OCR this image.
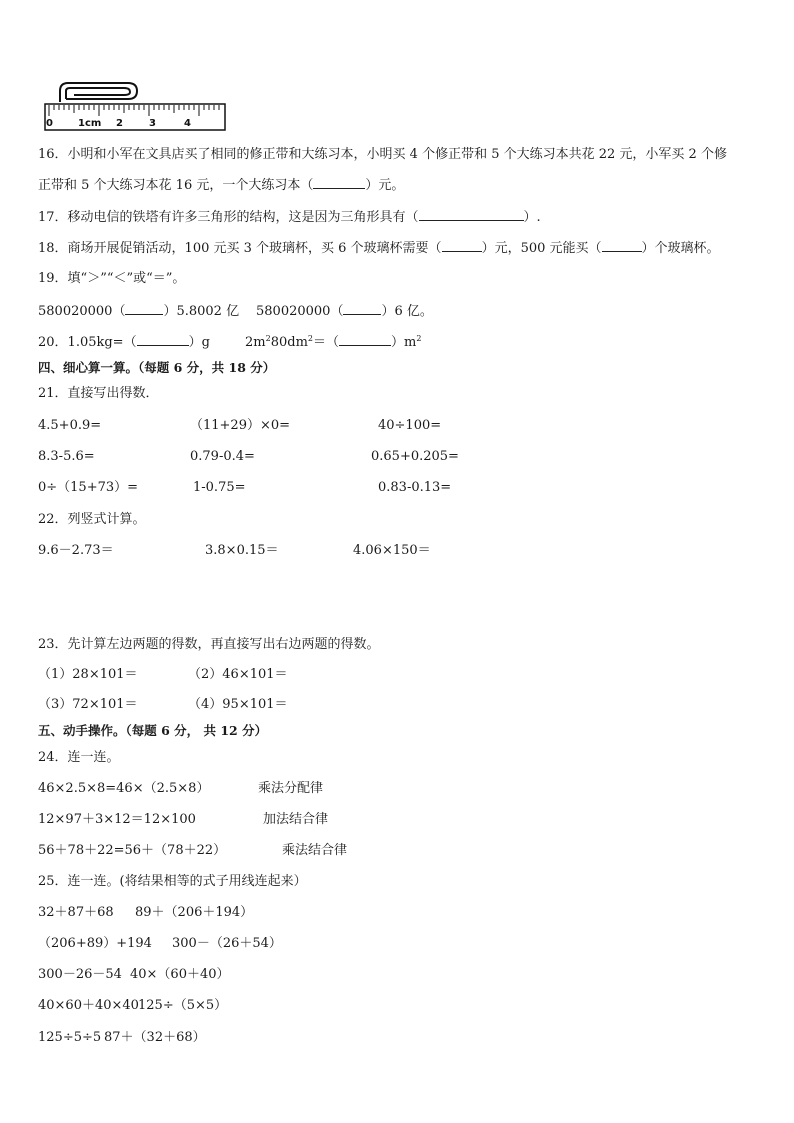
0	1cm 2	3	4
16．小明和小军在文具店买了相同的修正带和大练习本，小明买 4 个修正带和 5 个大练习本共花 22 元，小军买 2 个修
正带和 5 个大练习本花 16 元，一个大练习本（	）元。
17．移动电信的铁塔有许多三角形的结构，这是因为三角形具有（	）.
18．商场开展促销活动，100 元买 3 个玻璃杯，买 6 个玻璃杯需要（	）元，500 元能买（	）个玻璃杯。
19．填“＞”“＜”或“＝”。
580020000（	）5.8002 亿 580020000（	）6 亿。
20．1.05kg=（	）g	$2m^280dm^2=$（	）$m^2$
四、细心算一算。（每题 6 分，共 18 分）
21．直接写出得数．
4.5+0.9=	（11+29）×0=	40÷100=
8.3-5.6=	0.79-0.4=	0.65+0.205=
0÷（15+73）=	1-0.75=	0.83-0.13=
22．列竖式计算。
9.6－2.73＝	3.8×0.15＝	4.06×150＝
23．先计算左边两题的得数，再直接写出右边两题的得数。
（1）28×101＝	（2）46×101＝
（3）72×101＝	（4）95×101＝
五、动手操作。（每题 6 分， 共 12 分）
24．连一连。
46×2.5×8=46×（2.5×8）	乘法分配律
12×97＋3×12＝12×100	加法结合律
56＋78＋22=56＋（78＋22）	乘法结合律
25．连一连。(将结果相等的式子用线连起来）
32＋87＋68 89＋（206＋194）
（206+89）+194 300－（26＋54）
300－26－54 40×（60＋40）
40×60＋40×40 125÷（5×5）
125÷5÷5 87＋（32＋68）
